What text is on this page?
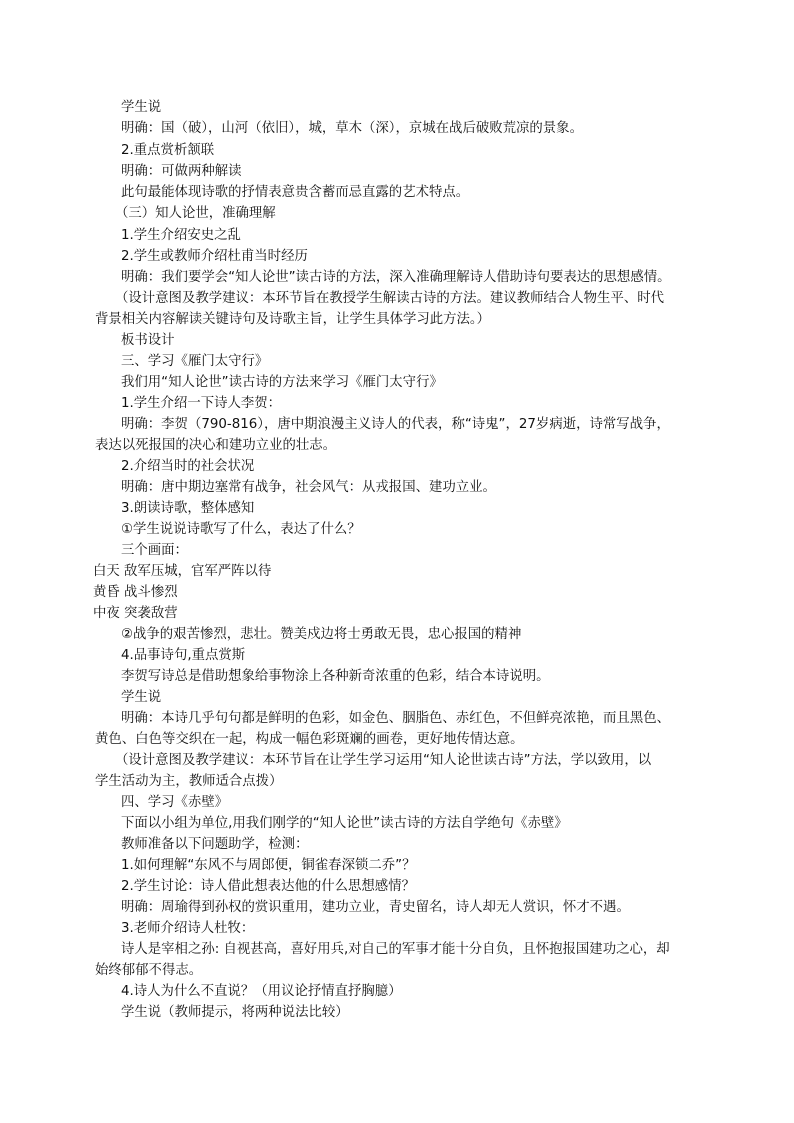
学生说
明确：国（破），山河（依旧），城，草木（深），京城在战后破败荒凉的景象。
2.重点赏析颔联
明确：可做两种解读
此句最能体现诗歌的抒情表意贵含蓄而忌直露的艺术特点。
（三）知人论世，准确理解
1.学生介绍安史之乱
2.学生或教师介绍杜甫当时经历
明确：我们要学会“知人论世”读古诗的方法，深入准确理解诗人借助诗句要表达的思想感情。
（设计意图及教学建议：本环节旨在教授学生解读古诗的方法。建议教师结合人物生平、时代
背景相关内容解读关键诗句及诗歌主旨，让学生具体学习此方法。）
板书设计
三、学习《雁门太守行》
我们用“知人论世”读古诗的方法来学习《雁门太守行》
1.学生介绍一下诗人李贺：
明确：李贺（790-816），唐中期浪漫主义诗人的代表，称“诗鬼”，27岁病逝，诗常写战争，
表达以死报国的决心和建功立业的壮志。
2.介绍当时的社会状况
明确：唐中期边塞常有战争，社会风气：从戎报国、建功立业。
3.朗读诗歌，整体感知
①学生说说诗歌写了什么，表达了什么？
三个画面：
白天 敌军压城，官军严阵以待
黄昏 战斗惨烈
中夜 突袭敌营
②战争的艰苦惨烈，悲壮。赞美戍边将士勇敢无畏，忠心报国的精神
4.品事诗句,重点赏斯
李贺写诗总是借助想象给事物涂上各种新奇浓重的色彩，结合本诗说明。
学生说
明确：本诗几乎句句都是鲜明的色彩，如金色、胭脂色、赤红色，不但鲜亮浓艳，而且黑色、
黄色、白色等交织在一起，构成一幅色彩斑斓的画卷，更好地传情达意。
（设计意图及教学建议：本环节旨在让学生学习运用“知人论世读古诗”方法，学以致用，以
学生活动为主，教师适合点拨）
四、学习《赤壁》
下面以小组为单位,用我们刚学的“知人论世”读古诗的方法自学绝句《赤壁》
教师准备以下问题助学，检测：
1.如何理解“东风不与周郎便，铜雀春深锁二乔”？
2.学生讨论：诗人借此想表达他的什么思想感情？
明确：周瑜得到孙权的赏识重用，建功立业，青史留名，诗人却无人赏识，怀才不遇。
3.老师介绍诗人杜牧：
诗人是宰相之孙: 自视甚高，喜好用兵,对自己的军事才能十分自负，且怀抱报国建功之心，却
始终郁郁不得志。
4.诗人为什么不直说？（用议论抒情直抒胸臆）
学生说（教师提示，将两种说法比较）
